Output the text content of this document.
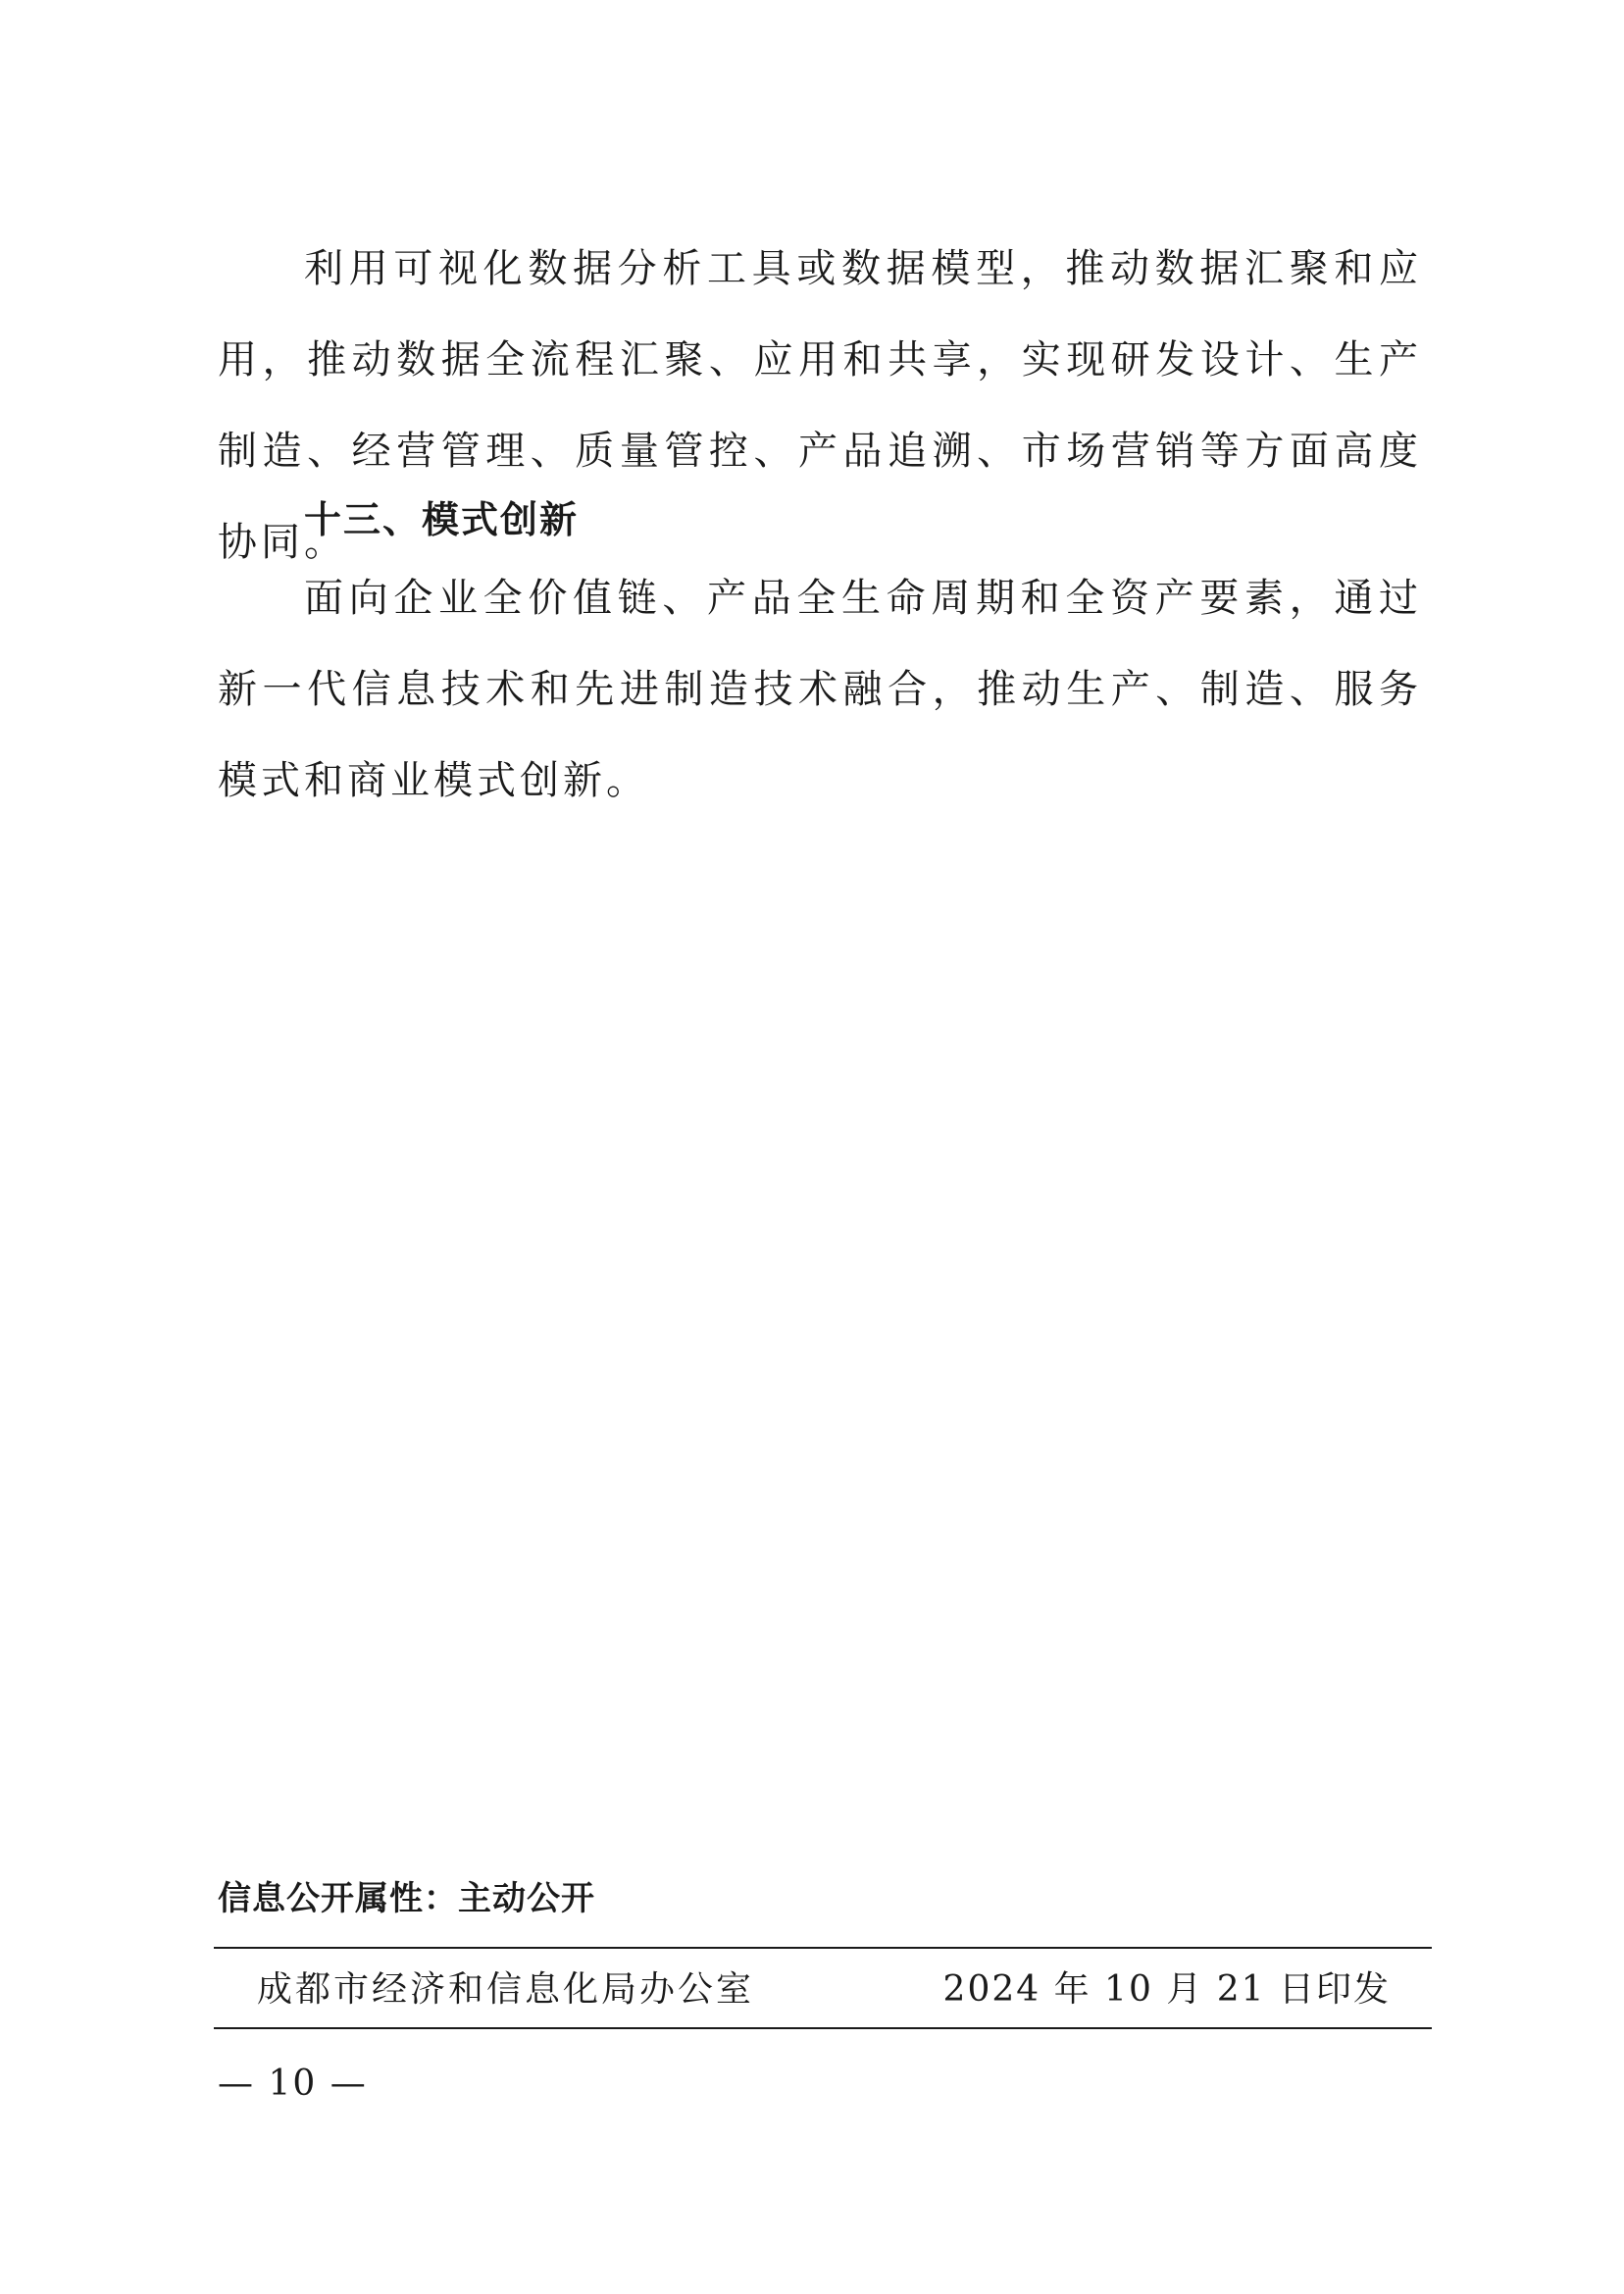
利用可视化数据分析工具或数据模型，推动数据汇聚和应用，推动数据全流程汇聚、应用和共享，实现研发设计、生产制造、经营管理、质量管控、产品追溯、市场营销等方面高度协同。

十三、模式创新

面向企业全价值链、产品全生命周期和全资产要素，通过新一代信息技术和先进制造技术融合，推动生产、制造、服务模式和商业模式创新。

信息公开属性：主动公开

成都市经济和信息化局办公室	2024 年 10 月 21 日印发

— 10 —
